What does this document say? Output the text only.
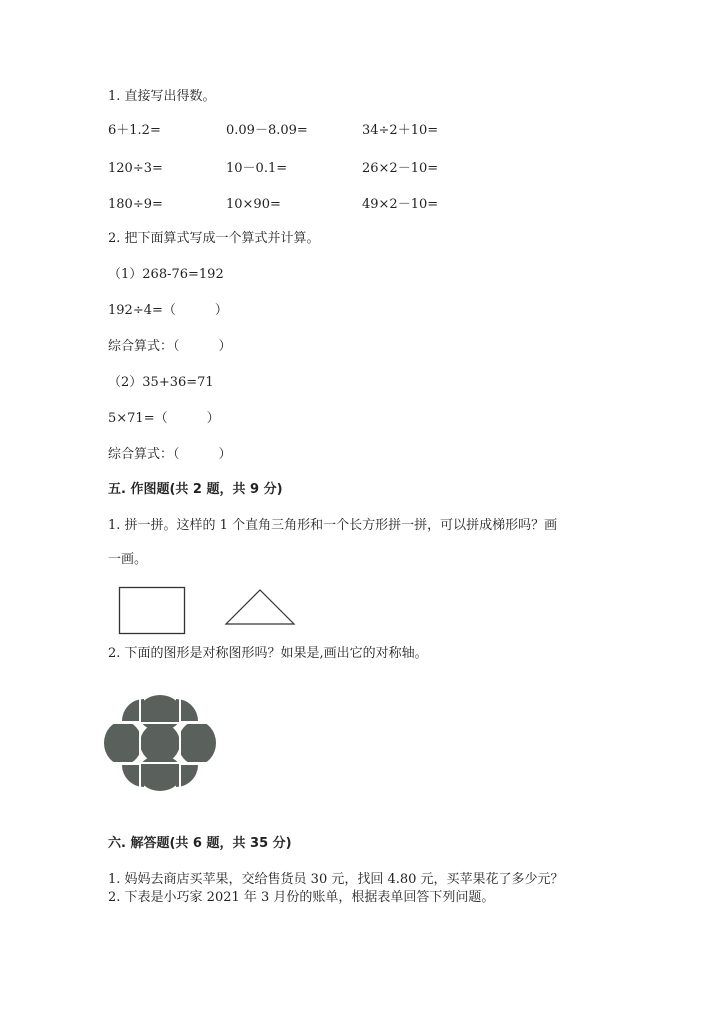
1. 直接写出得数。
6＋1.2=	0.09－8.09=	34÷2＋10=
120÷3=	10－0.1=	26×2－10=
180÷9=	10×90=	49×2－10=
2. 把下面算式写成一个算式并计算。
（1）268-76=192
192÷4=（　　　）
综合算式：（　　　）
（2）35+36=71
5×71=（　　　）
综合算式：（　　　）
五. 作图题(共 2 题，共 9 分)
1. 拼一拼。这样的 1 个直角三角形和一个长方形拼一拼，可以拼成梯形吗？画
一画。
2. 下面的图形是对称图形吗？如果是,画出它的对称轴。
六. 解答题(共 6 题，共 35 分)
1. 妈妈去商店买苹果，交给售货员 30 元，找回 4.80 元，买苹果花了多少元？
2. 下表是小巧家 2021 年 3 月份的账单，根据表单回答下列问题。
